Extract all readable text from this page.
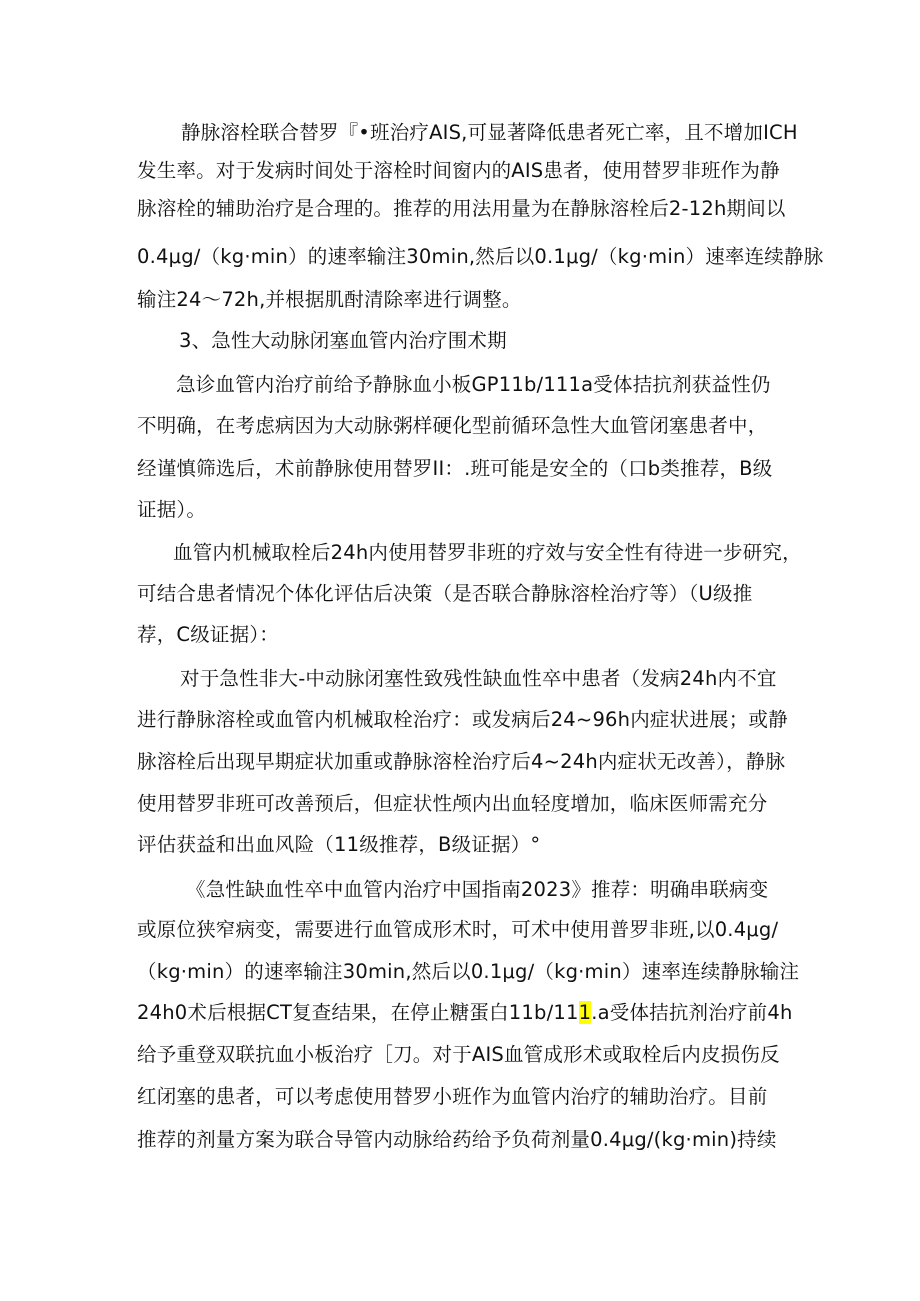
静脉溶栓联合替罗『•班治疗AIS,可显著降低患者死亡率，且不增加ICH
发生率。对于发病时间处于溶栓时间窗内的AIS患者，使用替罗非班作为静
脉溶栓的辅助治疗是合理的。推荐的用法用量为在静脉溶栓后2-12h期间以
0.4μg∕（kg·min）的速率输注30min,然后以0.1μg∕（kg·min）速率连续静脉
输注24～72h,并根据肌酎清除率进行调整。
3、急性大动脉闭塞血管内治疗围术期
急诊血管内治疗前给予静脉血小板GP11b∕111a受体拮抗剂获益性仍
不明确，在考虑病因为大动脉粥样硬化型前循环急性大血管闭塞患者中，
经谨慎筛选后，术前静脉使用替罗II：.班可能是安全的（口b类推荐，B级
证据）。
血管内机械取栓后24h内使用替罗非班的疗效与安全性有待进一步研究，
可结合患者情况个体化评估后决策（是否联合静脉溶栓治疗等）（U级推
荐，C级证据）：
对于急性非大-中动脉闭塞性致残性缺血性卒中患者（发病24h内不宜
进行静脉溶栓或血管内机械取栓治疗：或发病后24~96h内症状进展；或静
脉溶栓后出现早期症状加重或静脉溶栓治疗后4~24h内症状无改善），静脉
使用替罗非班可改善预后，但症状性颅内出血轻度增加，临床医师需充分
评估获益和出血风险（11级推荐，B级证据）°
《急性缺血性卒中血管内治疗中国指南2023》推荐：明确串联病变
或原位狭窄病变，需要进行血管成形术时，可术中使用普罗非班,以0.4μg∕
（kg·min）的速率输注30min,然后以0.1μg∕（kg·min）速率连续静脉输注
24h0术后根据CT复查结果，在停止糖蛋白11b∕111.a受体拮抗剂治疗前4h
给予重登双联抗血小板治疗［刀。对于AIS血管成形术或取栓后内皮损伤反
红闭塞的患者，可以考虑使用替罗小班作为血管内治疗的辅助治疗。目前
推荐的剂量方案为联合导管内动脉给药给予负荷剂量0.4μg∕(kg·min)持续
